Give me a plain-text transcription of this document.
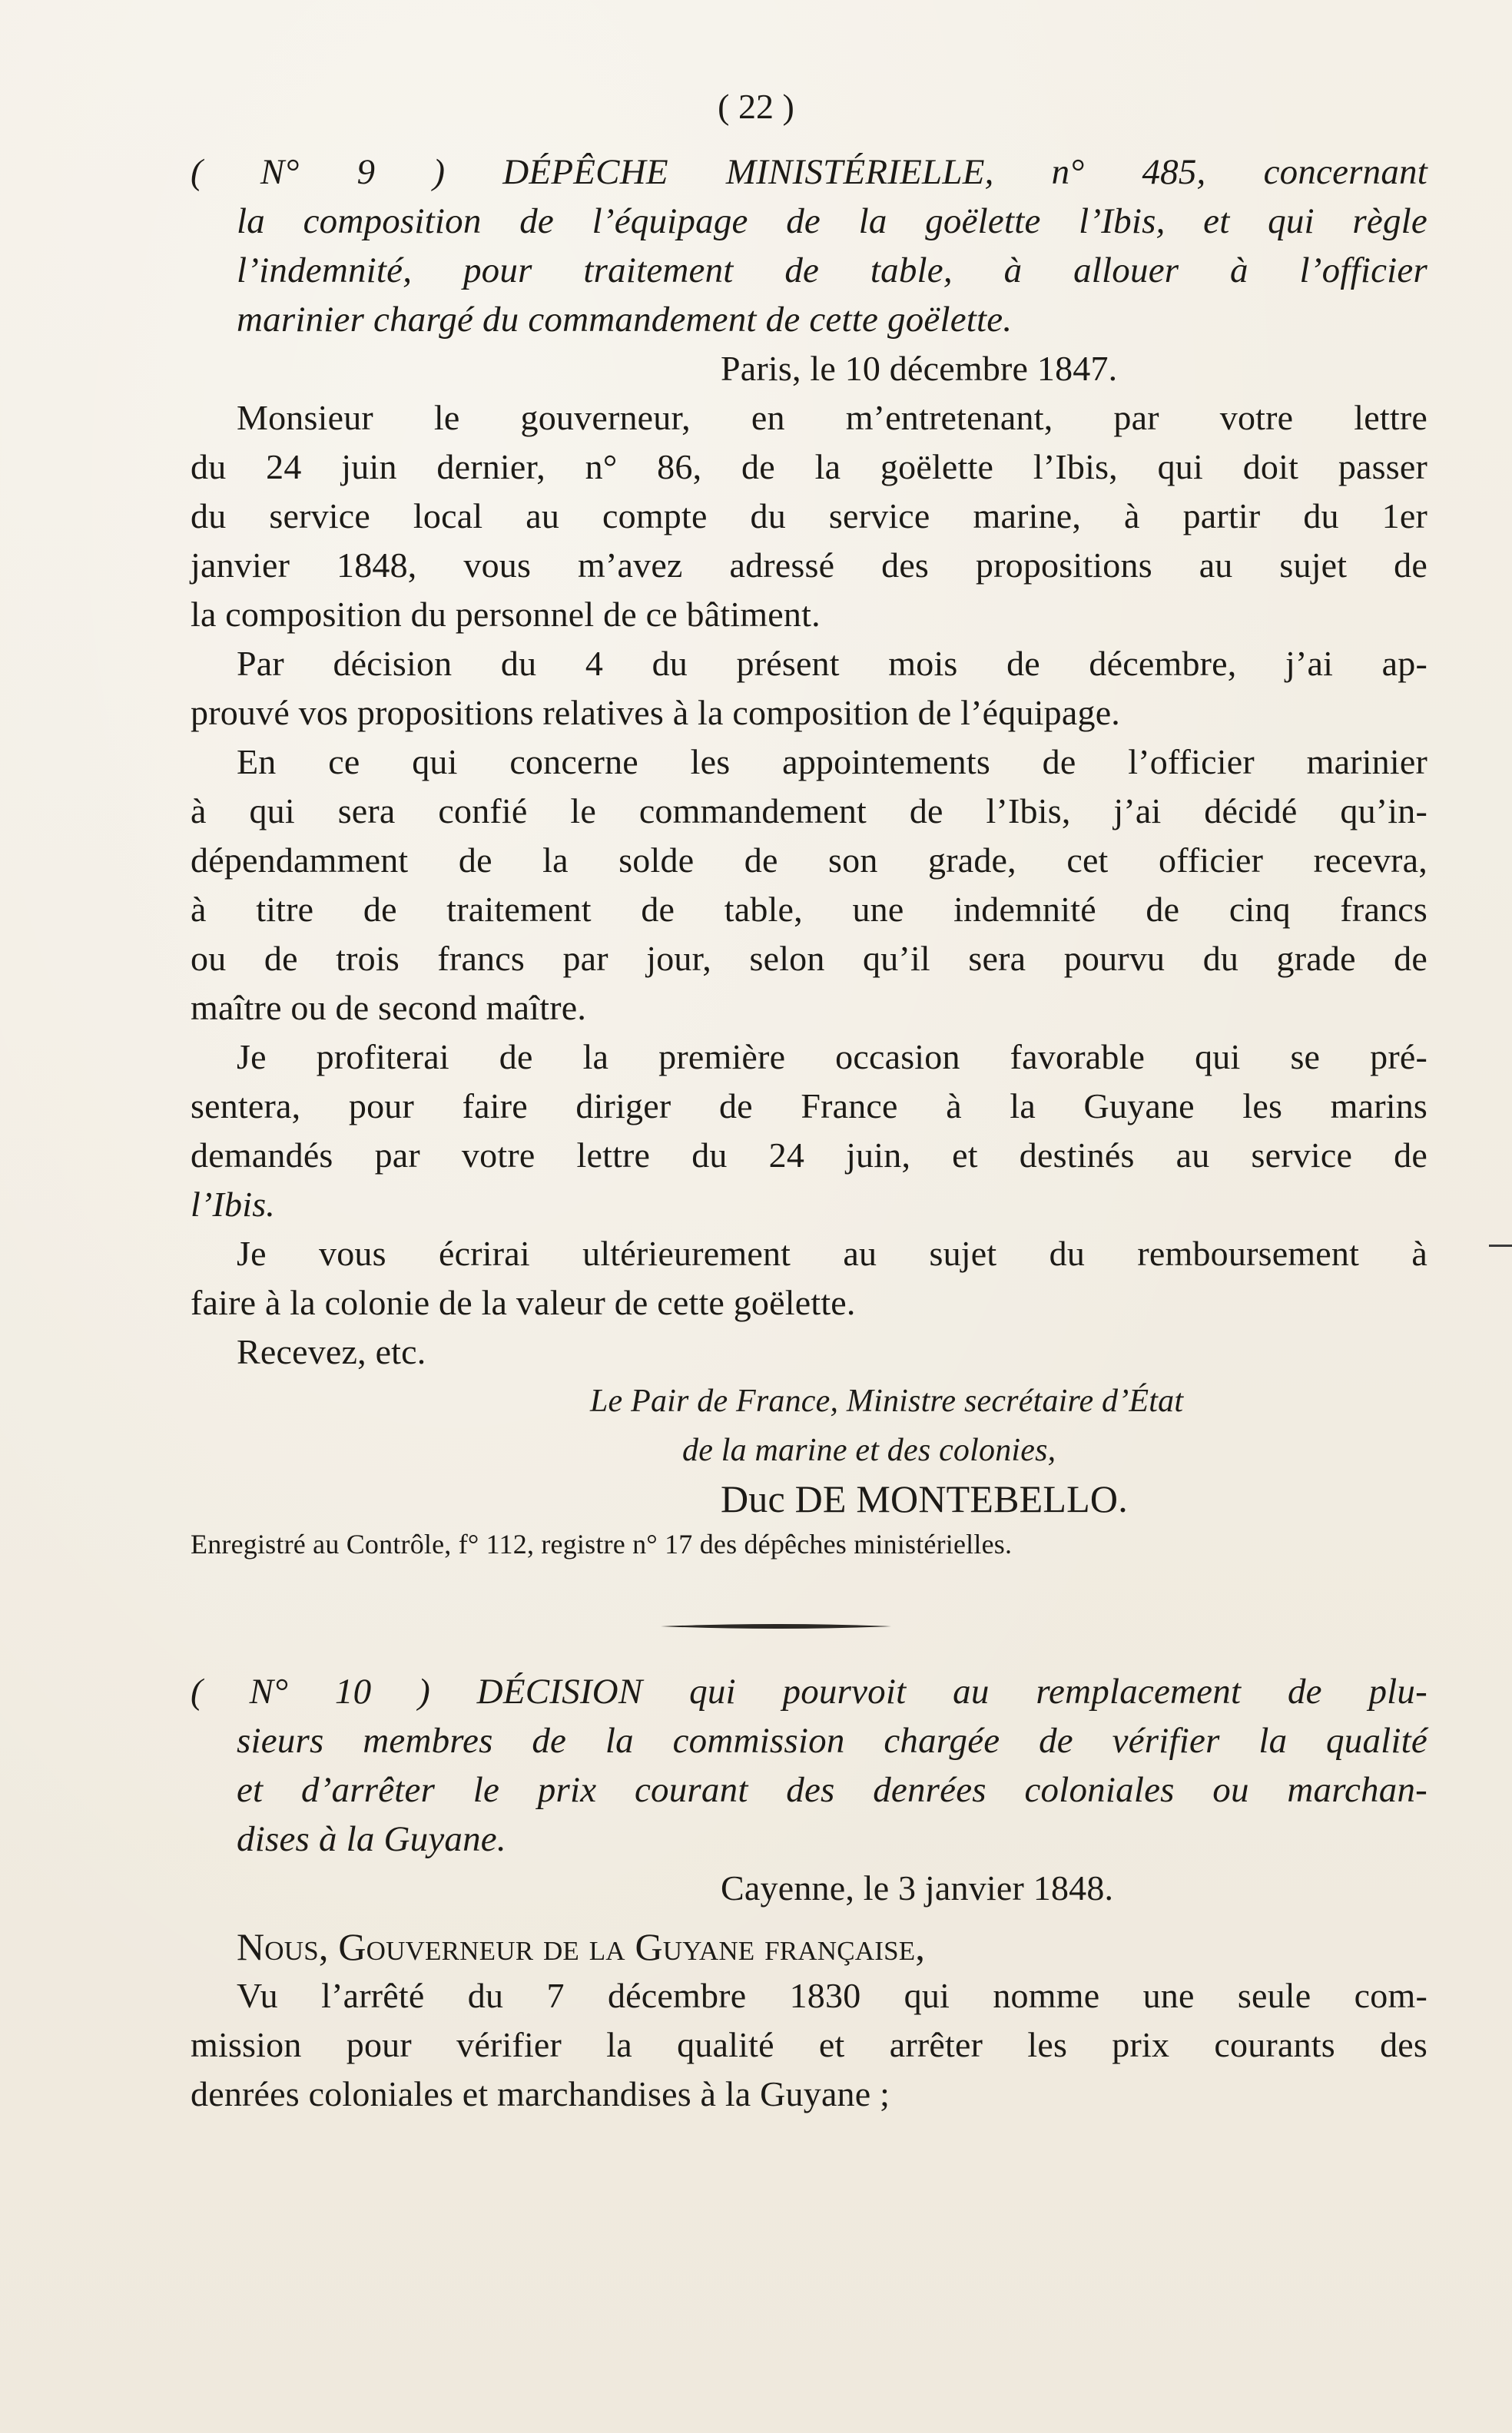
( 22 )

( N° 9 ) DÉPÊCHE MINISTÉRIELLE, n° 485, concernant

la composition de l’équipage de la goëlette l’Ibis, et qui règle

l’indemnité, pour traitement de table, à allouer à l’officier

marinier chargé du commandement de cette goëlette.

Paris, le 10 décembre 1847.

Monsieur le gouverneur, en m’entretenant, par votre lettre

du 24 juin dernier, n° 86, de la goëlette l’Ibis, qui doit passer

du service local au compte du service marine, à partir du 1er

janvier 1848, vous m’avez adressé des propositions au sujet de

la composition du personnel de ce bâtiment.

Par décision du 4 du présent mois de décembre, j’ai ap-

prouvé vos propositions relatives à la composition de l’équipage.

En ce qui concerne les appointements de l’officier marinier

à qui sera confié le commandement de l’Ibis, j’ai décidé qu’in-

dépendamment de la solde de son grade, cet officier recevra,

à titre de traitement de table, une indemnité de cinq francs

ou de trois francs par jour, selon qu’il sera pourvu du grade de

maître ou de second maître.

Je profiterai de la première occasion favorable qui se pré-

sentera, pour faire diriger de France à la Guyane les marins

demandés par votre lettre du 24 juin, et destinés au service de

l’Ibis.

Je vous écrirai ultérieurement au sujet du remboursement à

faire à la colonie de la valeur de cette goëlette.

Recevez, etc.

Le Pair de France, Ministre secrétaire d’État

de la marine et des colonies,

Duc DE MONTEBELLO.

Enregistré au Contrôle, f° 112, registre n° 17 des dépêches ministérielles.

( N° 10 ) DÉCISION qui pourvoit au remplacement de plu-

sieurs membres de la commission chargée de vérifier la qualité

et d’arrêter le prix courant des denrées coloniales ou marchan-

dises à la Guyane.

Cayenne, le 3 janvier 1848.

Nous, Gouverneur de la Guyane française,

Vu l’arrêté du 7 décembre 1830 qui nomme une seule com-

mission pour vérifier la qualité et arrêter les prix courants des

denrées coloniales et marchandises à la Guyane ;
